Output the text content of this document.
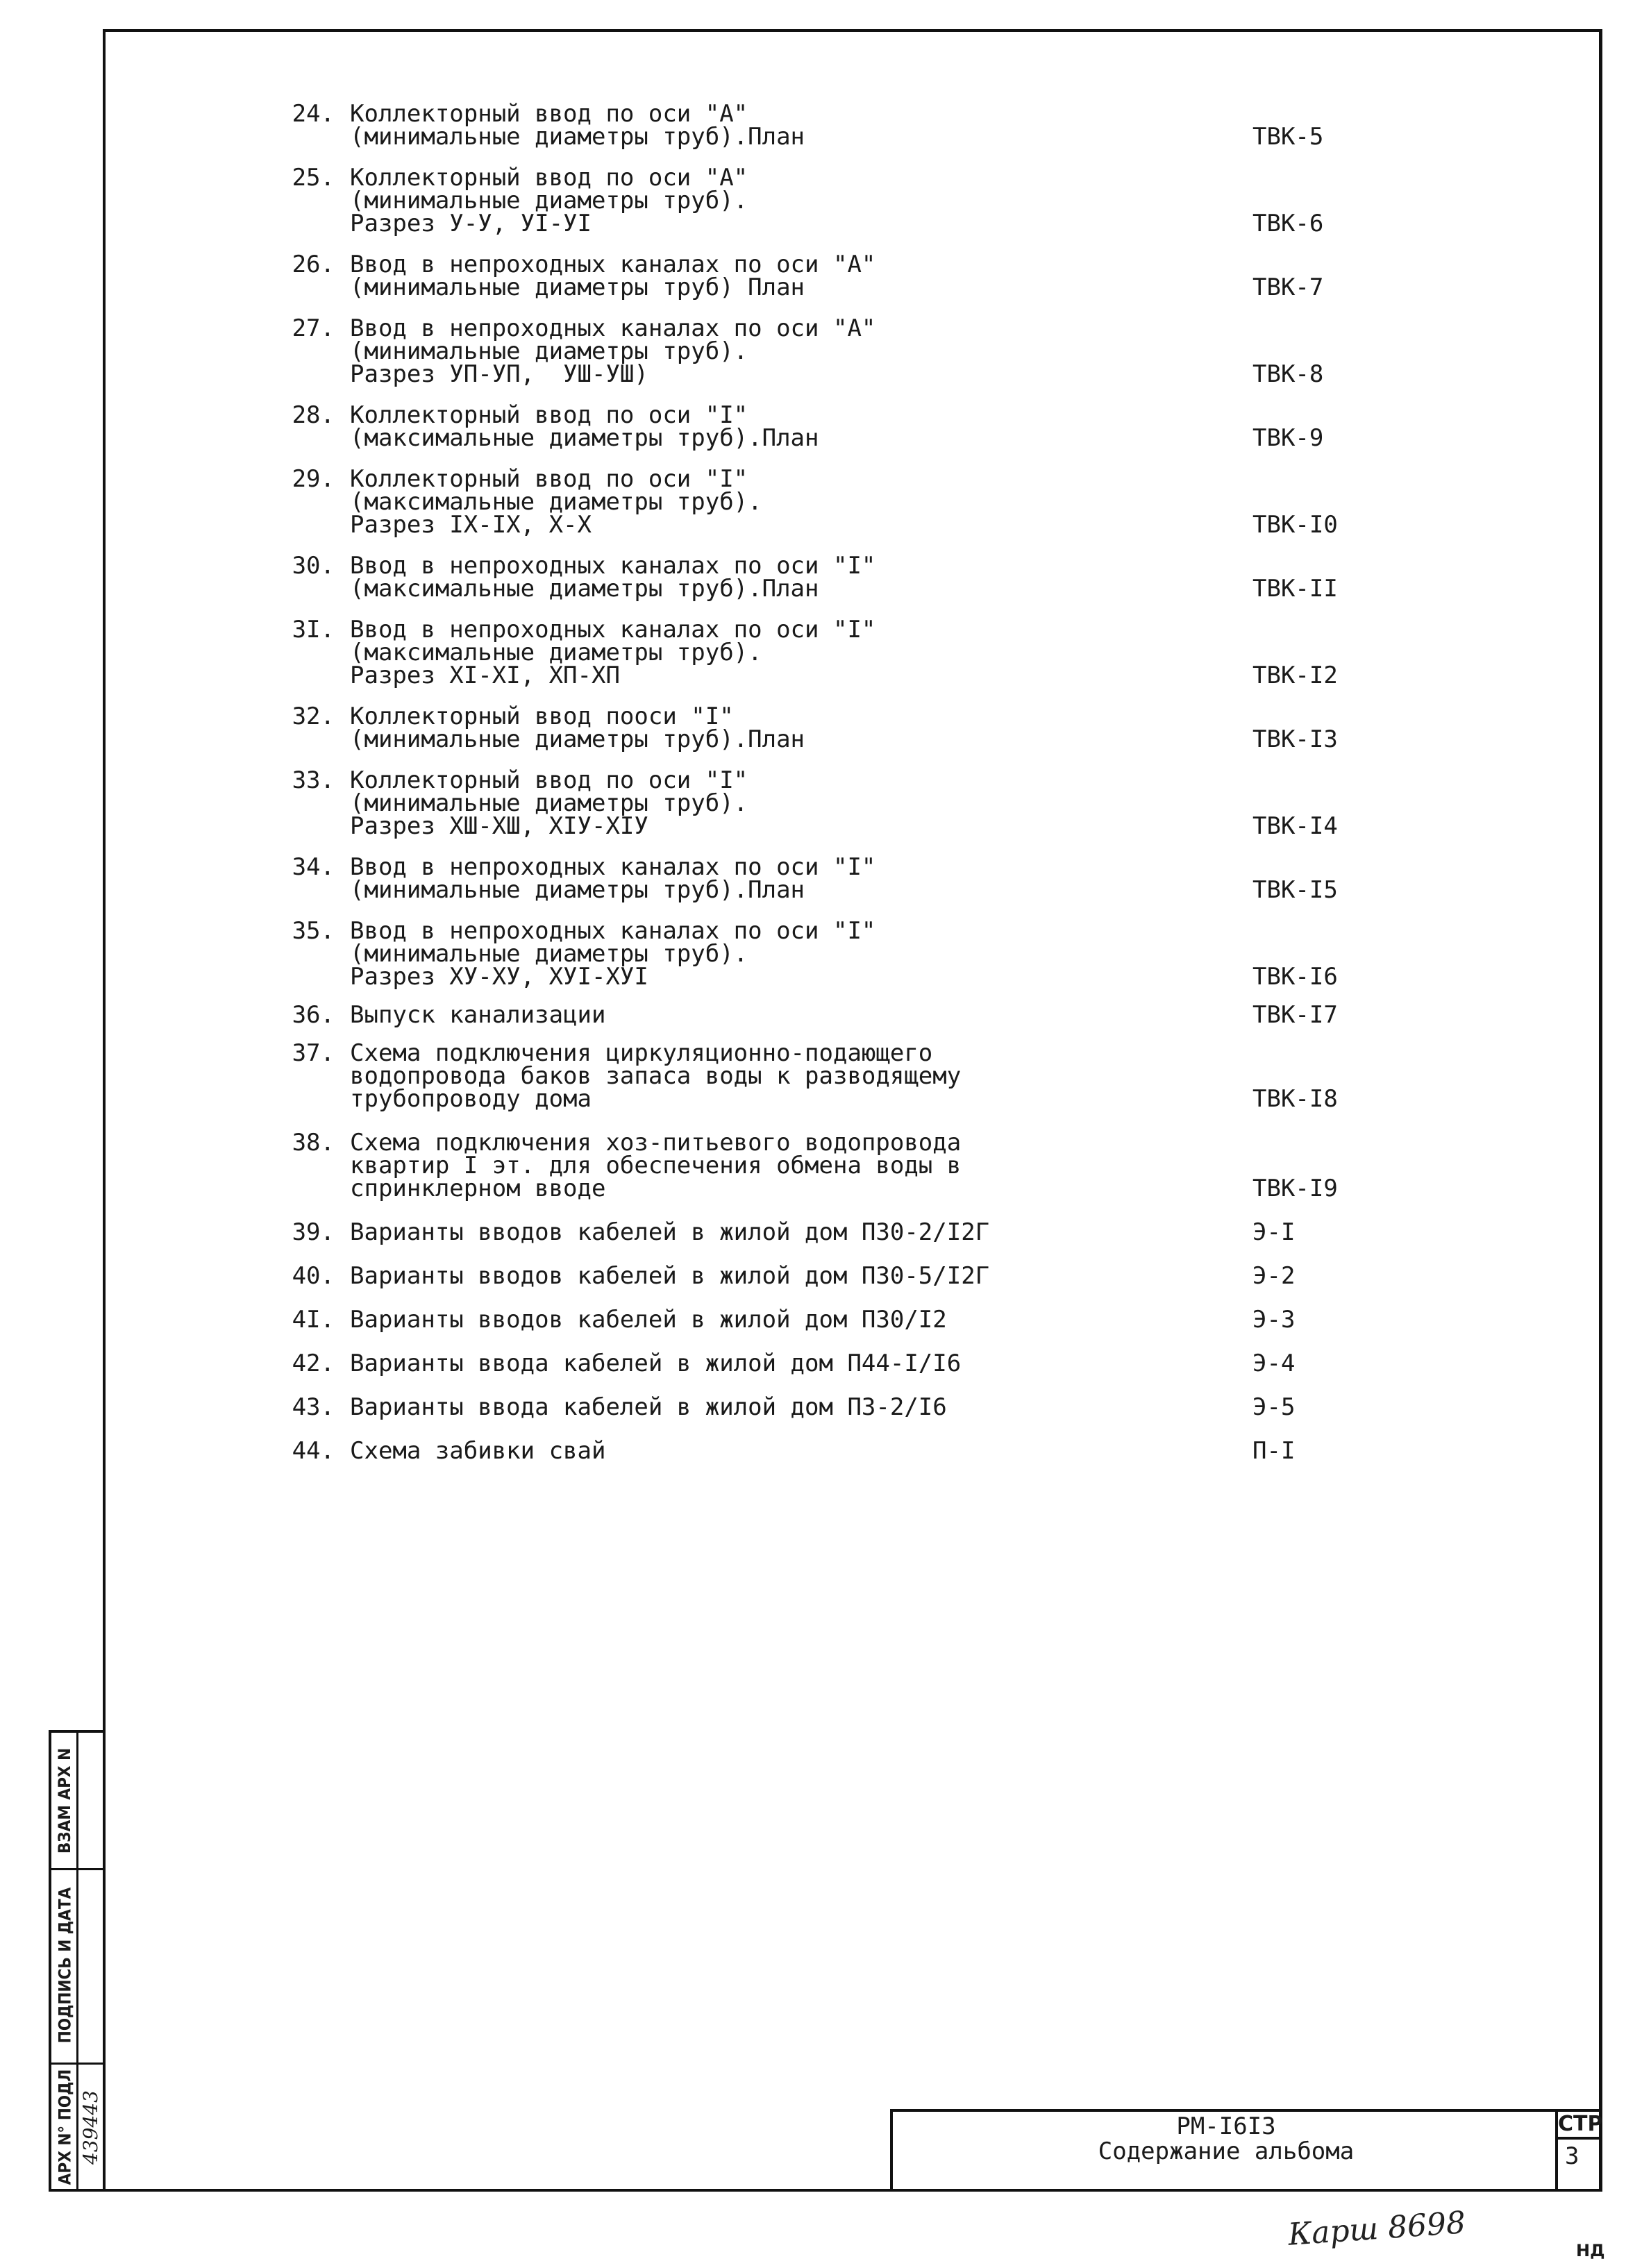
24. Коллекторный ввод по оси "А"
(минимальные диаметры труб).План	ТВК-5
25. Коллекторный ввод по оси "А"
(минимальные диаметры труб).
Разрез У-У, УI-УI	ТВК-6
26. Ввод в непроходных каналах по оси "А"
(минимальные диаметры труб) План	ТВК-7
27. Ввод в непроходных каналах по оси "А"
(минимальные диаметры труб).
Разрез УП-УП,  УШ-УШ)	ТВК-8
28. Коллекторный ввод по оси "I"
(максимальные диаметры труб).План	ТВК-9
29. Коллекторный ввод по оси "I"
(максимальные диаметры труб).
Разрез IХ-IХ, Х-Х	ТВК-I0
30. Ввод в непроходных каналах по оси "I"
(максимальные диаметры труб).План	ТВК-II
3I. Ввод в непроходных каналах по оси "I"
(максимальные диаметры труб).
Разрез ХI-ХI, ХП-ХП	ТВК-I2
32. Коллекторный ввод пооси "I"
(минимальные диаметры труб).План	ТВК-I3
33. Коллекторный ввод по оси "I"
(минимальные диаметры труб).
Разрез ХШ-ХШ, ХIУ-ХIУ	ТВК-I4
34. Ввод в непроходных каналах по оси "I"
(минимальные диаметры труб).План	ТВК-I5
35. Ввод в непроходных каналах по оси "I"
(минимальные диаметры труб).
Разрез ХУ-ХУ, ХУI-ХУI	ТВК-I6
36. Выпуск канализации	ТВК-I7
37. Схема подключения циркуляционно-подающего
водопровода баков запаса воды к разводящему
трубопроводу дома	ТВК-I8
38. Схема подключения хоз-питьевого водопровода
квартир I эт. для обеспечения обмена воды в
спринклерном вводе	ТВК-I9
39. Варианты вводов кабелей в жилой дом П30-2/I2Г	Э-I
40. Варианты вводов кабелей в жилой дом П30-5/I2Г	Э-2
4I. Варианты вводов кабелей в жилой дом П30/I2	Э-3
42. Варианты ввода кабелей в жилой дом П44-I/I6	Э-4
43. Варианты ввода кабелей в жилой дом П3-2/I6	Э-5
44. Схема забивки свай	П-I
ВЗАМ АРХ N
ПОДПИСЬ И ДАТА
АРХ N° ПОДЛ 439443	РМ-I6I3
Содержание альбома
СТР
3
Карш 8698	НД
